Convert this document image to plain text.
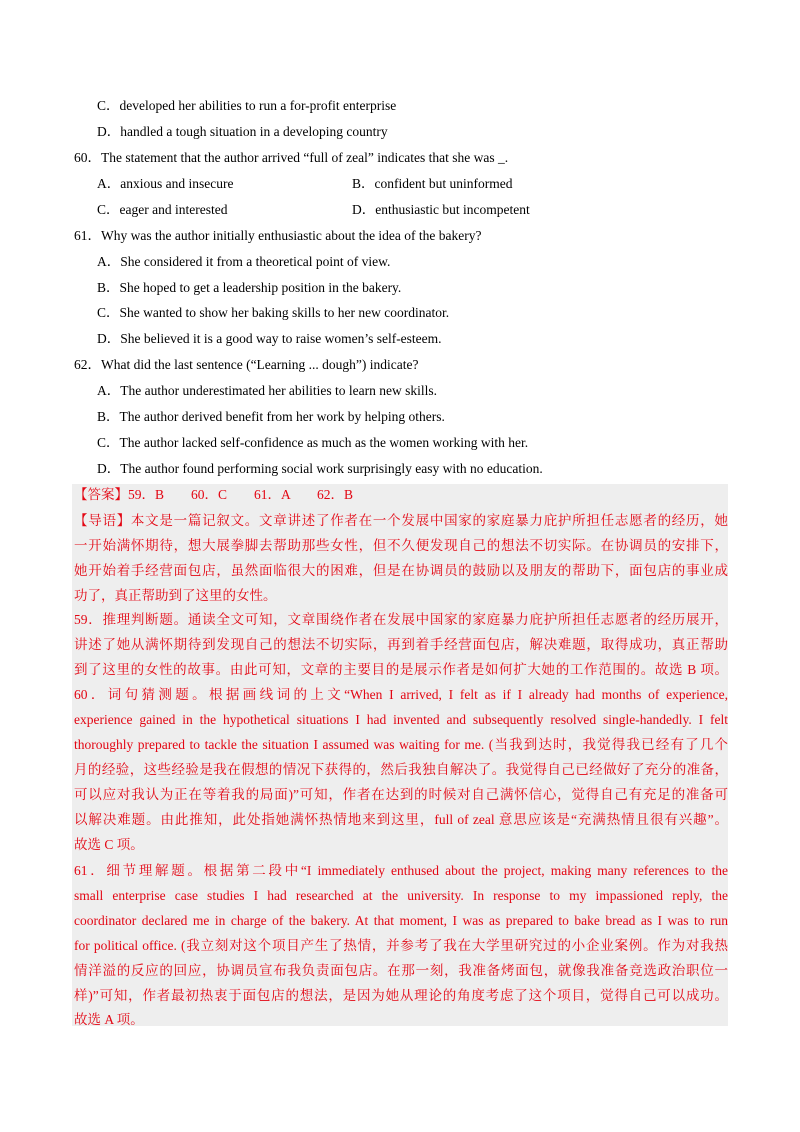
C．developed her abilities to run a for-profit enterprise
D．handled a tough situation in a developing country
60．The statement that the author arrived “full of zeal” indicates that she was _.
A．anxious and insecure	B．confident but uninformed
C．eager and interested	D．enthusiastic but incompetent
61．Why was the author initially enthusiastic about the idea of the bakery?
A．She considered it from a theoretical point of view.
B．She hoped to get a leadership position in the bakery.
C．She wanted to show her baking skills to her new coordinator.
D．She believed it is a good way to raise women’s self-esteem.
62．What did the last sentence (“Learning ... dough”) indicate?
A．The author underestimated her abilities to learn new skills.
B．The author derived benefit from her work by helping others.
C．The author lacked self-confidence as much as the women working with her.
D．The author found performing social work surprisingly easy with no education.
【答案】59．B　　60．C　　61．A　　62．B
【导语】本文是一篇记叙文。文章讲述了作者在一个发展中国家的家庭暴力庇护所担任志愿者的经历，她
一开始满怀期待，想大展拳脚去帮助那些女性，但不久便发现自己的想法不切实际。在协调员的安排下，
她开始着手经营面包店，虽然面临很大的困难，但是在协调员的鼓励以及朋友的帮助下，面包店的事业成
功了，真正帮助到了这里的女性。
59．推理判断题。通读全文可知，文章围绕作者在发展中国家的家庭暴力庇护所担任志愿者的经历展开，
讲述了她从满怀期待到发现自己的想法不切实际，再到着手经营面包店，解决难题，取得成功，真正帮助
到了这里的女性的故事。由此可知，文章的主要目的是展示作者是如何扩大她的工作范围的。故选 B 项。
60．词句猜测题。根据画线词的上文“When I arrived, I felt as if I already had months of experience,
experience gained in the hypothetical situations I had invented and subsequently resolved single-handedly. I felt
thoroughly prepared to tackle the situation I assumed was waiting for me. (当我到达时，我觉得我已经有了几个
月的经验，这些经验是我在假想的情况下获得的，然后我独自解决了。我觉得自己已经做好了充分的准备，
可以应对我认为正在等着我的局面)”可知，作者在达到的时候对自己满怀信心，觉得自己有充足的准备可
以解决难题。由此推知，此处指她满怀热情地来到这里，full of zeal 意思应该是“充满热情且很有兴趣”。
故选 C 项。
61．细节理解题。根据第二段中“I immediately enthused about the project, making many references to the
small enterprise case studies I had researched at the university. In response to my impassioned reply, the
coordinator declared me in charge of the bakery. At that moment, I was as prepared to bake bread as I was to run
for political office. (我立刻对这个项目产生了热情，并参考了我在大学里研究过的小企业案例。作为对我热
情洋溢的反应的回应，协调员宣布我负责面包店。在那一刻，我准备烤面包，就像我准备竞选政治职位一
样)”可知，作者最初热衷于面包店的想法，是因为她从理论的角度考虑了这个项目，觉得自己可以成功。
故选 A 项。
